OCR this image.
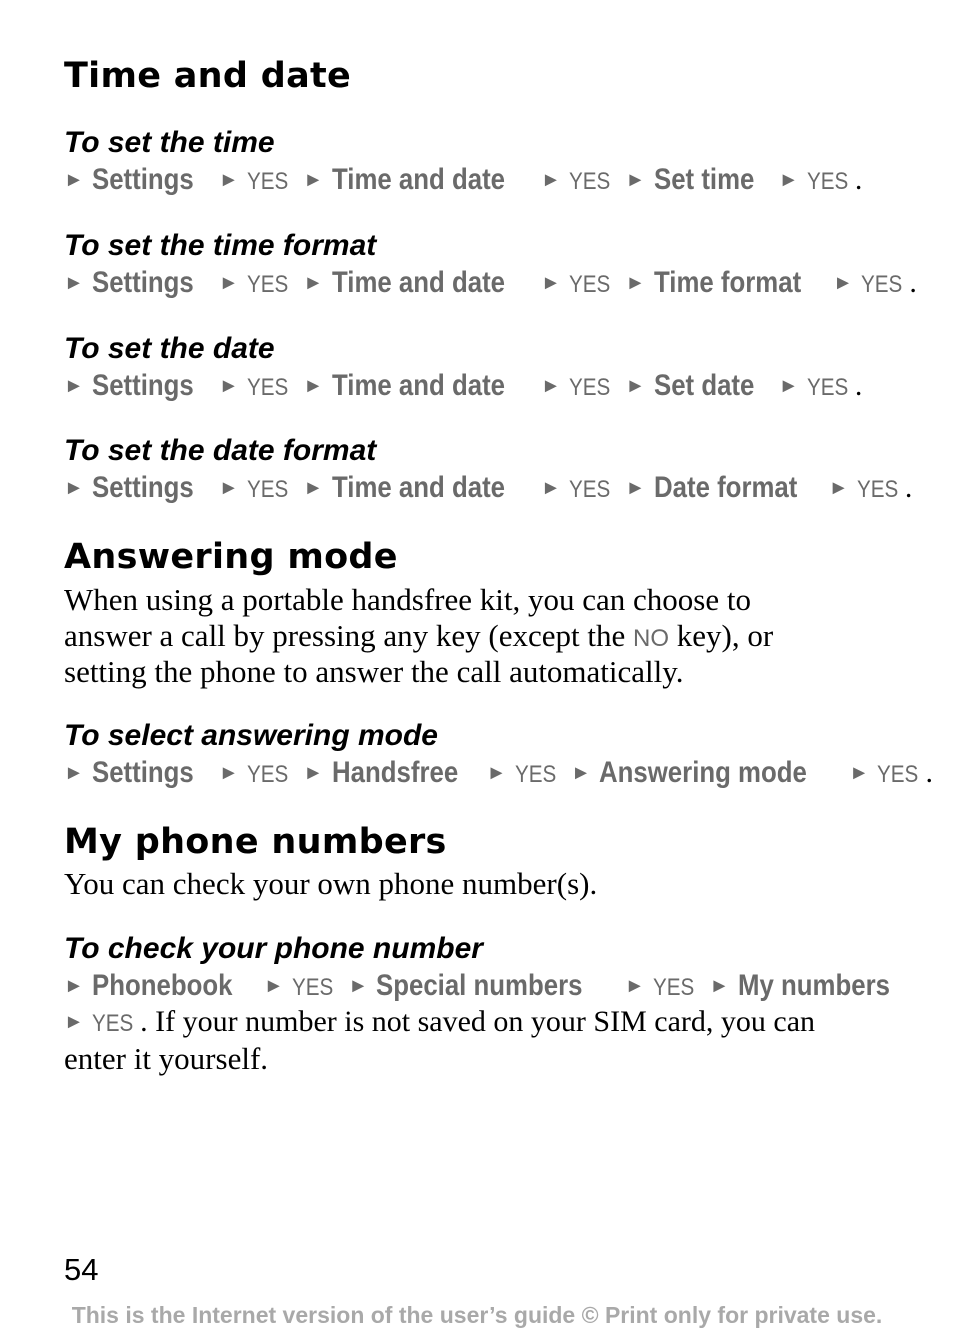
Time and date
To set the time
► Settings ► YES ► Time and date ► YES ► Set time ► YES .
To set the time format
► Settings ► YES ► Time and date ► YES ► Time format ► YES .
To set the date
► Settings ► YES ► Time and date ► YES ► Set date ► YES .
To set the date format
► Settings ► YES ► Time and date ► YES ► Date format ► YES .
Answering mode
When using a portable handsfree kit, you can choose to
answer a call by pressing any key (except the NO key), or
setting the phone to answer the call automatically.
To select answering mode
► Settings ► YES ► Handsfree ► YES ► Answering mode ► YES .
My phone numbers
You can check your own phone number(s).
To check your phone number
► Phonebook ► YES ► Special numbers ► YES ► My numbers
► YES . If your number is not saved on your SIM card, you can
enter it yourself.
54
This is the Internet version of the user’s guide © Print only for private use.
